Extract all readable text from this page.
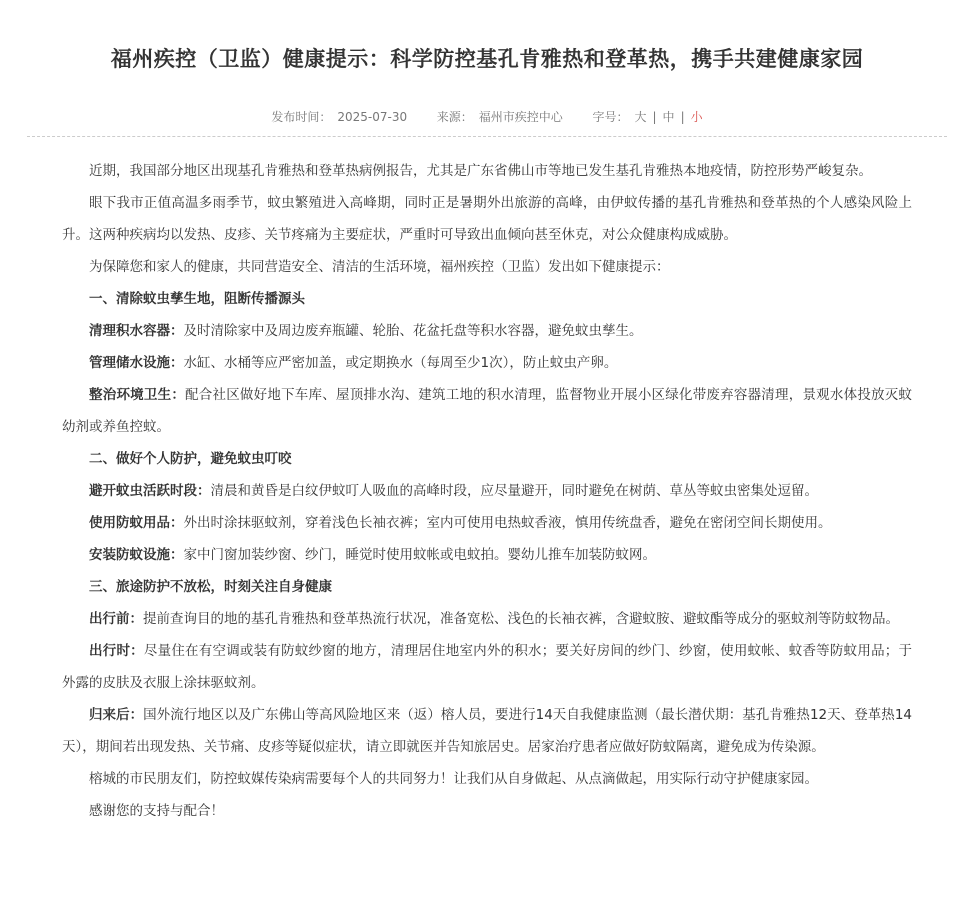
福州疾控（卫监）健康提示：科学防控基孔肯雅热和登革热，携手共建健康家园
发布时间： 2025-07-30 来源： 福州市疾控中心 字号： 大 | 中 | 小

近期，我国部分地区出现基孔肯雅热和登革热病例报告，尤其是广东省佛山市等地已发生基孔肯雅热本地疫情，防控形势严峻复杂。

眼下我市正值高温多雨季节，蚊虫繁殖进入高峰期，同时正是暑期外出旅游的高峰，由伊蚊传播的基孔肯雅热和登革热的个人感染风险上升。这两种疾病均以发热、皮疹、关节疼痛为主要症状，严重时可导致出血倾向甚至休克，对公众健康构成威胁。

为保障您和家人的健康，共同营造安全、清洁的生活环境，福州疾控（卫监）发出如下健康提示：

一、清除蚊虫孳生地，阻断传播源头

清理积水容器：及时清除家中及周边废弃瓶罐、轮胎、花盆托盘等积水容器，避免蚊虫孳生。

管理储水设施：水缸、水桶等应严密加盖，或定期换水（每周至少1次），防止蚊虫产卵。

整治环境卫生：配合社区做好地下车库、屋顶排水沟、建筑工地的积水清理，监督物业开展小区绿化带废弃容器清理，景观水体投放灭蚊幼剂或养鱼控蚊。

二、做好个人防护，避免蚊虫叮咬

避开蚊虫活跃时段：清晨和黄昏是白纹伊蚊叮人吸血的高峰时段，应尽量避开，同时避免在树荫、草丛等蚊虫密集处逗留。

使用防蚊用品：外出时涂抹驱蚊剂，穿着浅色长袖衣裤；室内可使用电热蚊香液，慎用传统盘香，避免在密闭空间长期使用。

安装防蚊设施：家中门窗加装纱窗、纱门，睡觉时使用蚊帐或电蚊拍。婴幼儿推车加装防蚊网。

三、旅途防护不放松，时刻关注自身健康

出行前：提前查询目的地的基孔肯雅热和登革热流行状况，准备宽松、浅色的长袖衣裤，含避蚊胺、避蚊酯等成分的驱蚊剂等防蚊物品。

出行时：尽量住在有空调或装有防蚊纱窗的地方，清理居住地室内外的积水；要关好房间的纱门、纱窗，使用蚊帐、蚊香等防蚊用品；于外露的皮肤及衣服上涂抹驱蚊剂。

归来后：国外流行地区以及广东佛山等高风险地区来（返）榕人员，要进行14天自我健康监测（最长潜伏期：基孔肯雅热12天、登革热14天），期间若出现发热、关节痛、皮疹等疑似症状，请立即就医并告知旅居史。居家治疗患者应做好防蚊隔离，避免成为传染源。

榕城的市民朋友们，防控蚊媒传染病需要每个人的共同努力！让我们从自身做起、从点滴做起，用实际行动守护健康家园。

感谢您的支持与配合！
